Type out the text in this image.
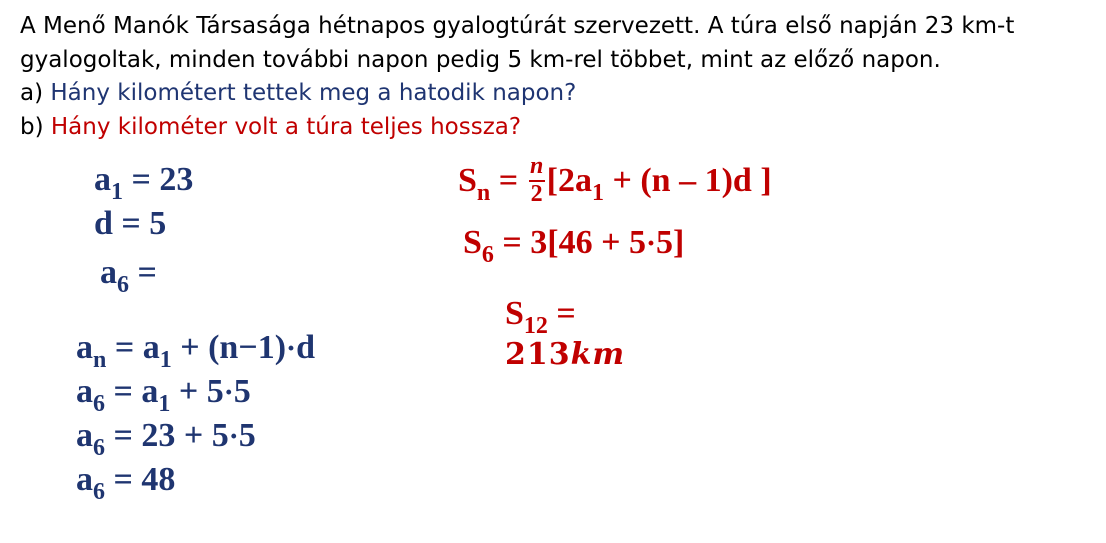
A Menő Manók Társasága hétnapos gyalogtúrát szervezett. A túra első napján 23 km-t

gyalogoltak, minden további napon pedig 5 km-rel többet, mint az előző napon.

a) Hány kilométert tettek meg a hatodik napon?

b) Hány kilométer volt a túra teljes hossza?

$a_1 = 23$
d = 5
$a_6$ =
$a_n = a_1 + (n-1)\cdot d$
$a_6 = a_1 + 5\cdot 5$
$a_6 = 23 + 5\cdot 5$
$a_6 = 48$
$S_n = \frac{n}{2} [2a_1 + (n - 1)d$ ]
$S_6 = 3[46 + 5\cdot 5]$
$S_{12}$ =
213km
